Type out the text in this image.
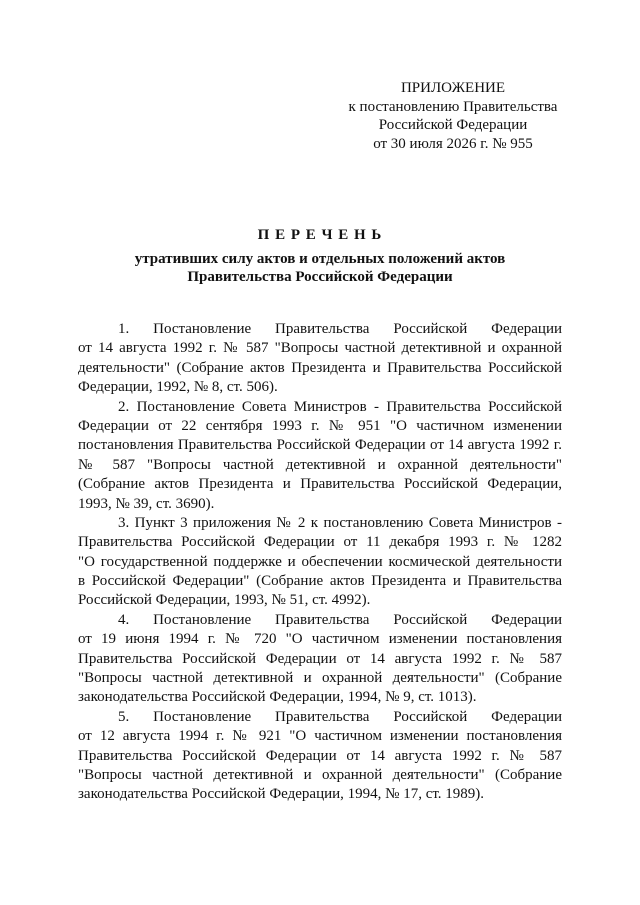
ПРИЛОЖЕНИЕ
к постановлению Правительства
Российской Федерации
от 30 июля 2026 г. № 955
П Е Р Е Ч Е Н Ь
утративших силу актов и отдельных положений актов
Правительства Российской Федерации
1. Постановление Правительства Российской Федерации
от 14 августа 1992 г. № 587 "Вопросы частной детективной и охранной
деятельности" (Собрание актов Президента и Правительства Российской
Федерации, 1992, № 8, ст. 506).
2. Постановление Совета Министров - Правительства Российской
Федерации от 22 сентября 1993 г. № 951 "О частичном изменении
постановления Правительства Российской Федерации от 14 августа 1992 г.
№ 587 "Вопросы частной детективной и охранной деятельности"
(Собрание актов Президента и Правительства Российской Федерации,
1993, № 39, ст. 3690).
3. Пункт 3 приложения № 2 к постановлению Совета Министров -
Правительства Российской Федерации от 11 декабря 1993 г. № 1282
"О государственной поддержке и обеспечении космической деятельности
в Российской Федерации" (Собрание актов Президента и Правительства
Российской Федерации, 1993, № 51, ст. 4992).
4. Постановление Правительства Российской Федерации
от 19 июня 1994 г. № 720 "О частичном изменении постановления
Правительства Российской Федерации от 14 августа 1992 г. № 587
"Вопросы частной детективной и охранной деятельности" (Собрание
законодательства Российской Федерации, 1994, № 9, ст. 1013).
5. Постановление Правительства Российской Федерации
от 12 августа 1994 г. № 921 "О частичном изменении постановления
Правительства Российской Федерации от 14 августа 1992 г. № 587
"Вопросы частной детективной и охранной деятельности" (Собрание
законодательства Российской Федерации, 1994, № 17, ст. 1989).
